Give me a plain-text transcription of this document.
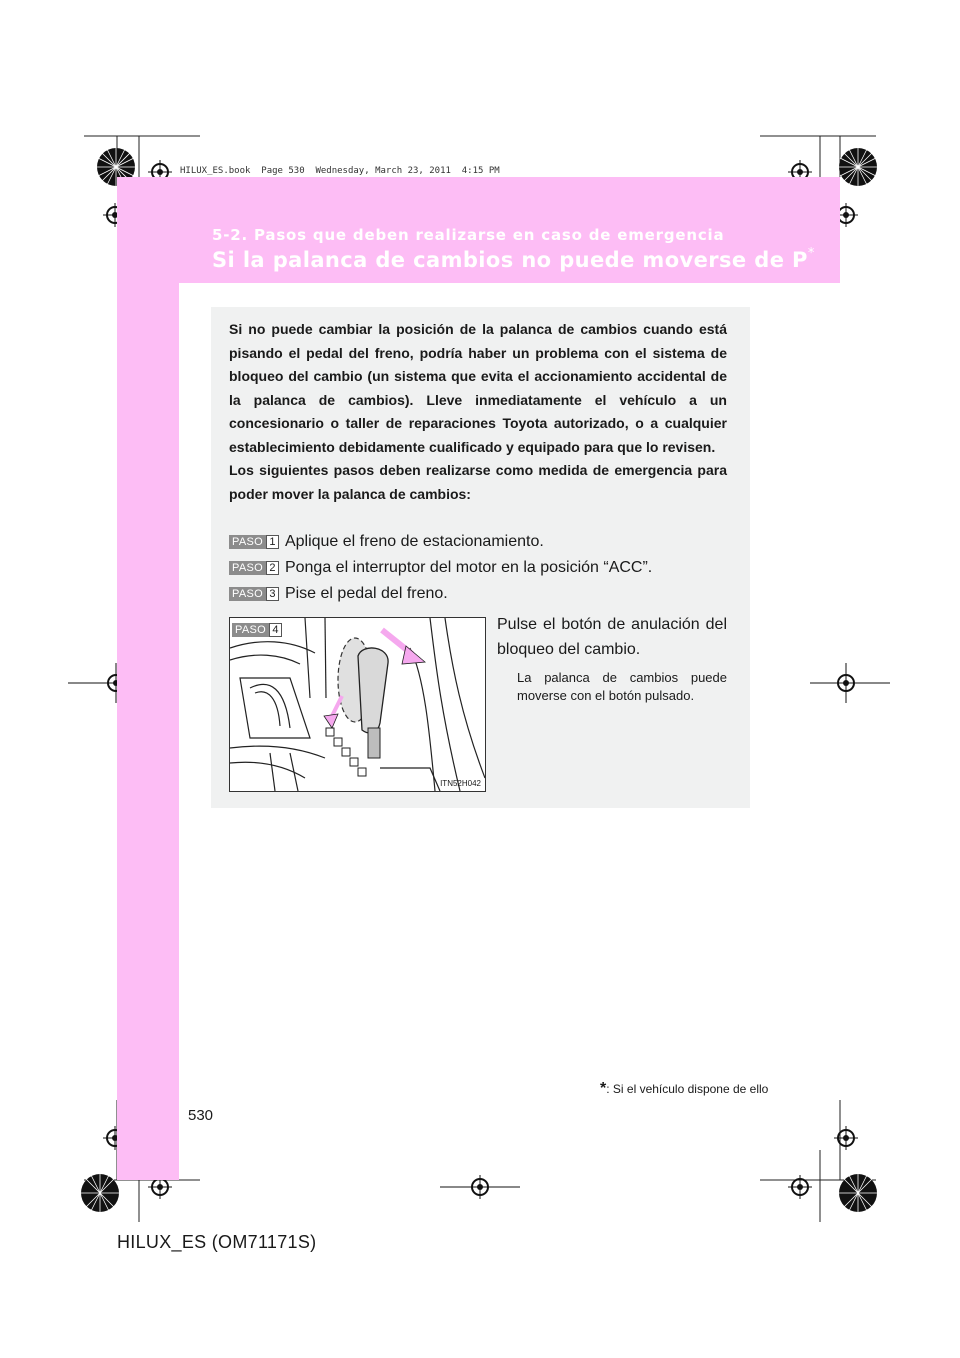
HILUX_ES.book  Page 530  Wednesday, March 23, 2011  4:15 PM
5-2. Pasos que deben realizarse en caso de emergencia
Si la palanca de cambios no puede moverse de P*

Si no puede cambiar la posición de la palanca de cambios cuando está pisando el pedal del freno, podría haber un problema con el sistema de bloqueo del cambio (un sistema que evita el accionamiento accidental de la palanca de cambios). Lleve inmediatamente el vehículo a un concesionario o taller de reparaciones Toyota autorizado, o a cualquier establecimiento debidamente cualificado y equipado para que lo revisen.

Los siguientes pasos deben realizarse como medida de emergencia para poder mover la palanca de cambios:

PASO 1 Aplique el freno de estacionamiento.
PASO 2 Ponga el interruptor del motor en la posición “ACC”.
PASO 3 Pise el pedal del freno.
Pulse el botón de anulación del bloqueo del cambio.
La palanca de cambios puede moverse con el botón pulsado.
PASO 4
ITN52H042
*: Si el vehículo dispone de ello
530
HILUX_ES (OM71171S)
